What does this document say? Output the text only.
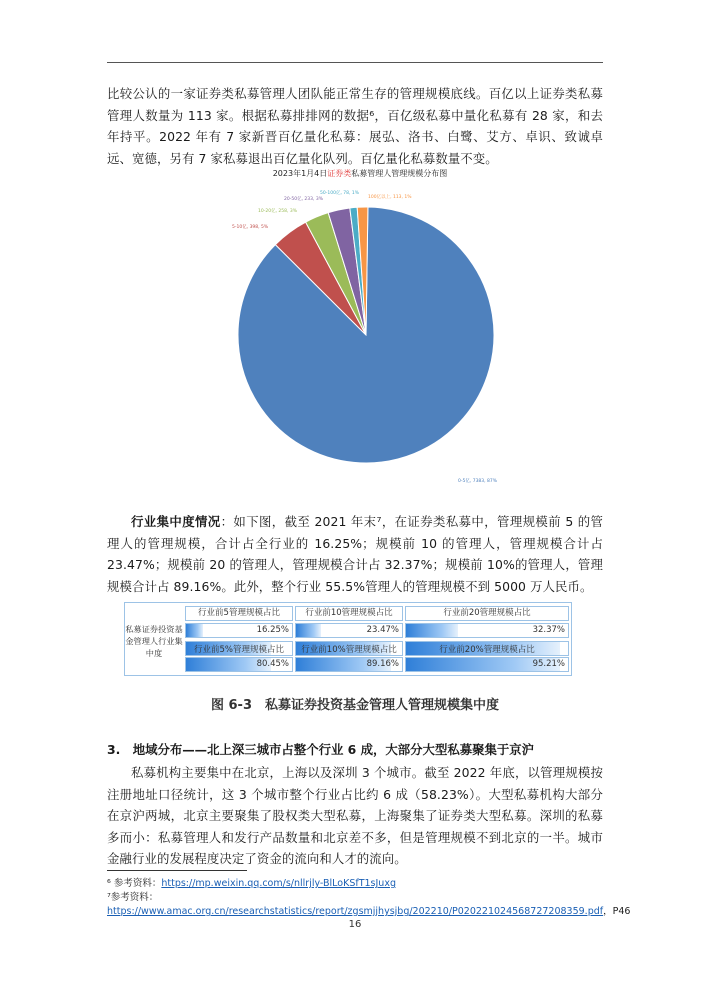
比较公认的一家证券类私募管理人团队能正常生存的管理规模底线。百亿以上证券类私募管理人数量为 113 家。根据私募排排网的数据⁶，百亿级私募中量化私募有 28 家，和去年持平。2022 年有 7 家新晋百亿量化私募：展弘、洛书、白鹭、艾方、卓识、致诚卓远、宽德，另有 7 家私募退出百亿量化队列。百亿量化私募数量不变。

0-5亿, 7383, 87%
5-10亿, 398, 5%
10-20亿, 258, 3%
20-50亿, 233, 3%
50-100亿, 78, 1%
100亿以上, 113, 1%
2023年1月4日证券类私募管理人管理规模分布图

行业集中度情况：如下图，截至 2021 年末⁷，在证券类私募中，管理规模前 5 的管理人的管理规模，合计占全行业的 16.25%；规模前 10 的管理人，管理规模合计占 23.47%；规模前 20 的管理人，管理规模合计占 32.37%；规模前 10%的管理人，管理规模合计占 89.16%。此外，整个行业 55.5%管理人的管理规模不到 5000 万人民币。

私募证券投资基金管理人行业集中度
行业前5管理规模占比	行业前10管理规模占比	行业前20管理规模占比
16.25%	23.47%	32.37%
行业前5%管理规模占比	行业前10%管理规模占比	行业前20%管理规模占比
80.45%	89.16%	95.21%
图 6-3　私募证券投资基金管理人管理规模集中度
3.　地域分布——北上深三城市占整个行业 6 成，大部分大型私募聚集于京沪

私募机构主要集中在北京，上海以及深圳 3 个城市。截至 2022 年底，以管理规模按注册地址口径统计，这 3 个城市整个行业占比约 6 成（58.23%）。大型私募机构大部分在京沪两城，北京主要聚集了股权类大型私募，上海聚集了证券类大型私募。深圳的私募多而小：私募管理人和发行产品数量和北京差不多，但是管理规模不到北京的一半。城市金融行业的发展程度决定了资金的流向和人才的流向。

⁶ 参考资料：https://mp.weixin.qq.com/s/nllrjly-BlLoKSfT1sJuxg
⁷参考资料：
https://www.amac.org.cn/researchstatistics/report/zgsmjjhysjbg/202210/P020221024568727208359.pdf，P46
16
